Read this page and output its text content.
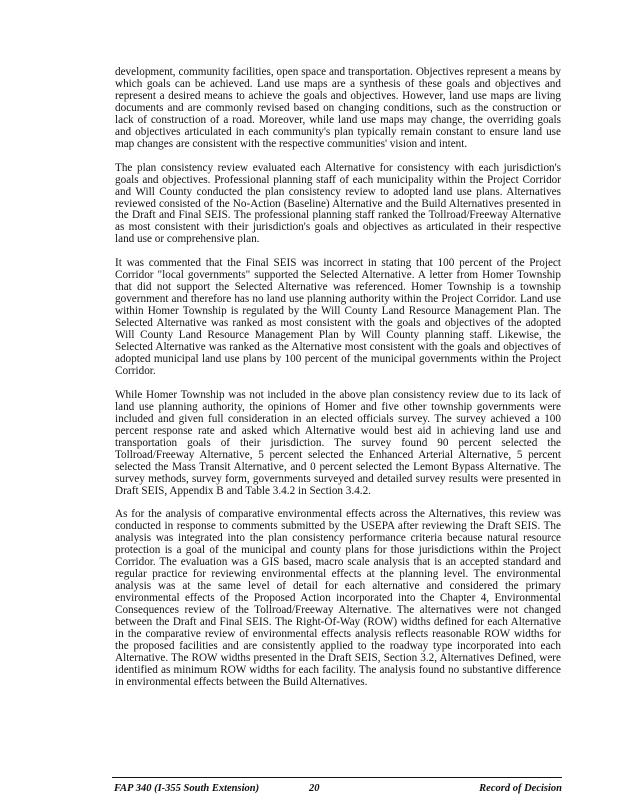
development, community facilities, open space and transportation. Objectives represent a means by which goals can be achieved. Land use maps are a synthesis of these goals and objectives and represent a desired means to achieve the goals and objectives. However, land use maps are living documents and are commonly revised based on changing conditions, such as the construction or lack of construction of a road. Moreover, while land use maps may change, the overriding goals and objectives articulated in each community's plan typically remain constant to ensure land use map changes are consistent with the respective communities' vision and intent.

The plan consistency review evaluated each Alternative for consistency with each jurisdiction's goals and objectives. Professional planning staff of each municipality within the Project Corridor and Will County conducted the plan consistency review to adopted land use plans. Alternatives reviewed consisted of the No-Action (Baseline) Alternative and the Build Alternatives presented in the Draft and Final SEIS. The professional planning staff ranked the Tollroad/Freeway Alternative as most consistent with their jurisdiction's goals and objectives as articulated in their respective land use or comprehensive plan.

It was commented that the Final SEIS was incorrect in stating that 100 percent of the Project Corridor "local governments" supported the Selected Alternative. A letter from Homer Township that did not support the Selected Alternative was referenced. Homer Township is a township government and therefore has no land use planning authority within the Project Corridor. Land use within Homer Township is regulated by the Will County Land Resource Management Plan. The Selected Alternative was ranked as most consistent with the goals and objectives of the adopted Will County Land Resource Management Plan by Will County planning staff. Likewise, the Selected Alternative was ranked as the Alternative most consistent with the goals and objectives of adopted municipal land use plans by 100 percent of the municipal governments within the Project Corridor.

While Homer Township was not included in the above plan consistency review due to its lack of land use planning authority, the opinions of Homer and five other township governments were included and given full consideration in an elected officials survey. The survey achieved a 100 percent response rate and asked which Alternative would best aid in achieving land use and transportation goals of their jurisdiction. The survey found 90 percent selected the Tollroad/Freeway Alternative, 5 percent selected the Enhanced Arterial Alternative, 5 percent selected the Mass Transit Alternative, and 0 percent selected the Lemont Bypass Alternative. The survey methods, survey form, governments surveyed and detailed survey results were presented in Draft SEIS, Appendix B and Table 3.4.2 in Section 3.4.2.

As for the analysis of comparative environmental effects across the Alternatives, this review was conducted in response to comments submitted by the USEPA after reviewing the Draft SEIS. The analysis was integrated into the plan consistency performance criteria because natural resource protection is a goal of the municipal and county plans for those jurisdictions within the Project Corridor. The evaluation was a GIS based, macro scale analysis that is an accepted standard and regular practice for reviewing environmental effects at the planning level. The environmental analysis was at the same level of detail for each alternative and considered the primary environmental effects of the Proposed Action incorporated into the Chapter 4, Environmental Consequences review of the Tollroad/Freeway Alternative. The alternatives were not changed between the Draft and Final SEIS. The Right-Of-Way (ROW) widths defined for each Alternative in the comparative review of environmental effects analysis reflects reasonable ROW widths for the proposed facilities and are consistently applied to the roadway type incorporated into each Alternative. The ROW widths presented in the Draft SEIS, Section 3.2, Alternatives Defined, were identified as minimum ROW widths for each facility. The analysis found no substantive difference in environmental effects between the Build Alternatives.

FAP 340 (I-355 South Extension)	20	Record of Decision
